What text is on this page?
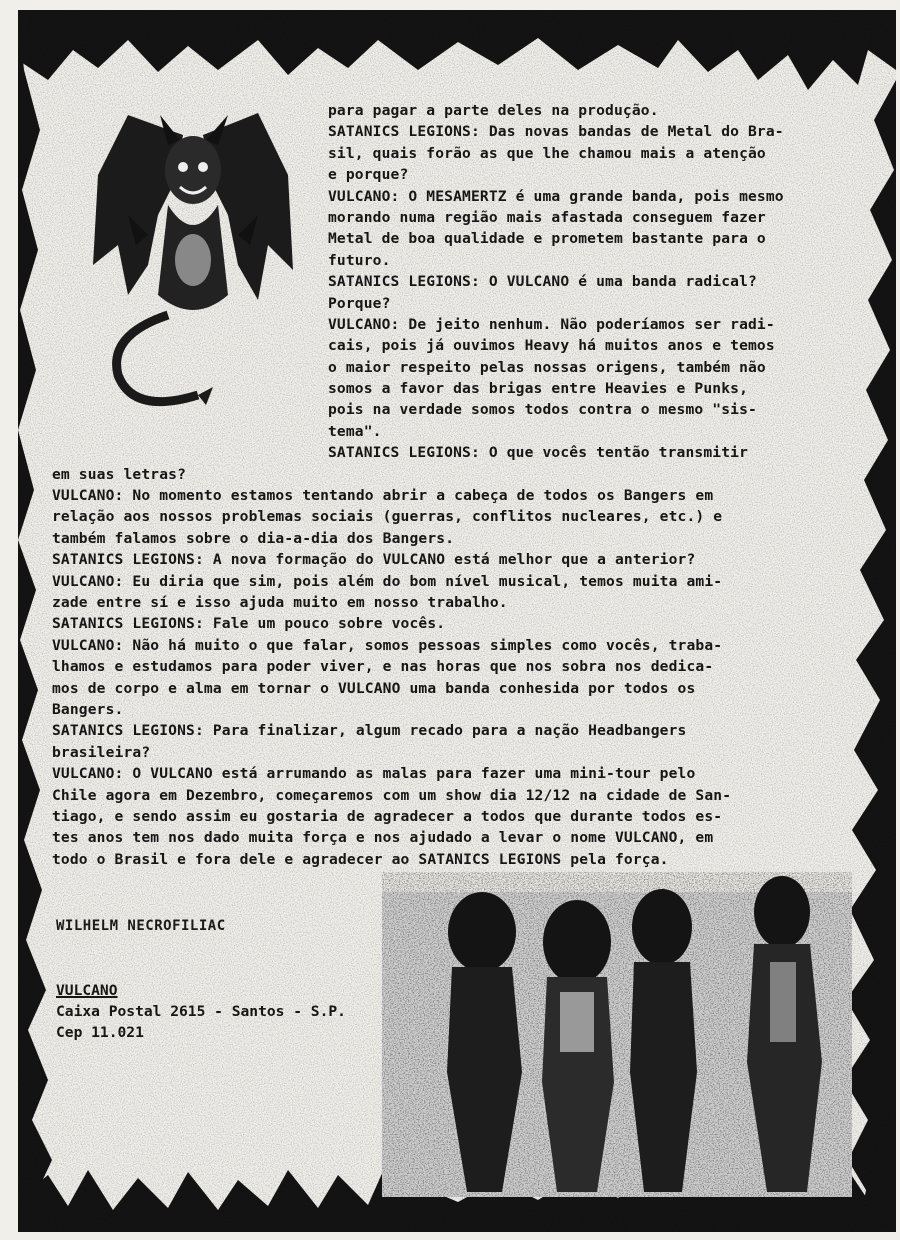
para pagar a parte deles na produção.
SATANICS LEGIONS: Das novas bandas de Metal do Bra-
sil, quais forão as que lhe chamou mais a atenção
e porque?
VULCANO: O MESAMERTZ é uma grande banda, pois mesmo
morando numa região mais afastada conseguem fazer
Metal de boa qualidade e prometem bastante para o
futuro.
SATANICS LEGIONS: O VULCANO é uma banda radical?
Porque?
VULCANO: De jeito nenhum. Não poderíamos ser radi-
cais, pois já ouvimos Heavy há muitos anos e temos
o maior respeito pelas nossas origens, também não
somos a favor das brigas entre Heavies e Punks,
pois na verdade somos todos contra o mesmo "sis-
tema".
SATANICS LEGIONS: O que vocês tentão transmitir
em suas letras?
VULCANO: No momento estamos tentando abrir a cabeça de todos os Bangers em
relação aos nossos problemas sociais (guerras, conflitos nucleares, etc.) e
também falamos sobre o dia-a-dia dos Bangers.
SATANICS LEGIONS: A nova formação do VULCANO está melhor que a anterior?
VULCANO: Eu diria que sim, pois além do bom nível musical, temos muita ami-
zade entre sí e isso ajuda muito em nosso trabalho.
SATANICS LEGIONS: Fale um pouco sobre vocês.
VULCANO: Não há muito o que falar, somos pessoas simples como vocês, traba-
lhamos e estudamos para poder viver, e nas horas que nos sobra nos dedica-
mos de corpo e alma em tornar o VULCANO uma banda conhesida por todos os
Bangers.
SATANICS LEGIONS: Para finalizar, algum recado para a nação Headbangers
brasileira?
VULCANO: O VULCANO está arrumando as malas para fazer uma mini-tour pelo
Chile agora em Dezembro, começaremos com um show dia 12/12 na cidade de San-
tiago, e sendo assim eu gostaria de agradecer a todos que durante todos es-
tes anos tem nos dado muita força e nos ajudado a levar o nome VULCANO, em
todo o Brasil e fora dele e agradecer ao SATANICS LEGIONS pela força.
WILHELM NECROFILIAC
VULCANO
Caixa Postal 2615 - Santos - S.P.
Cep 11.021
